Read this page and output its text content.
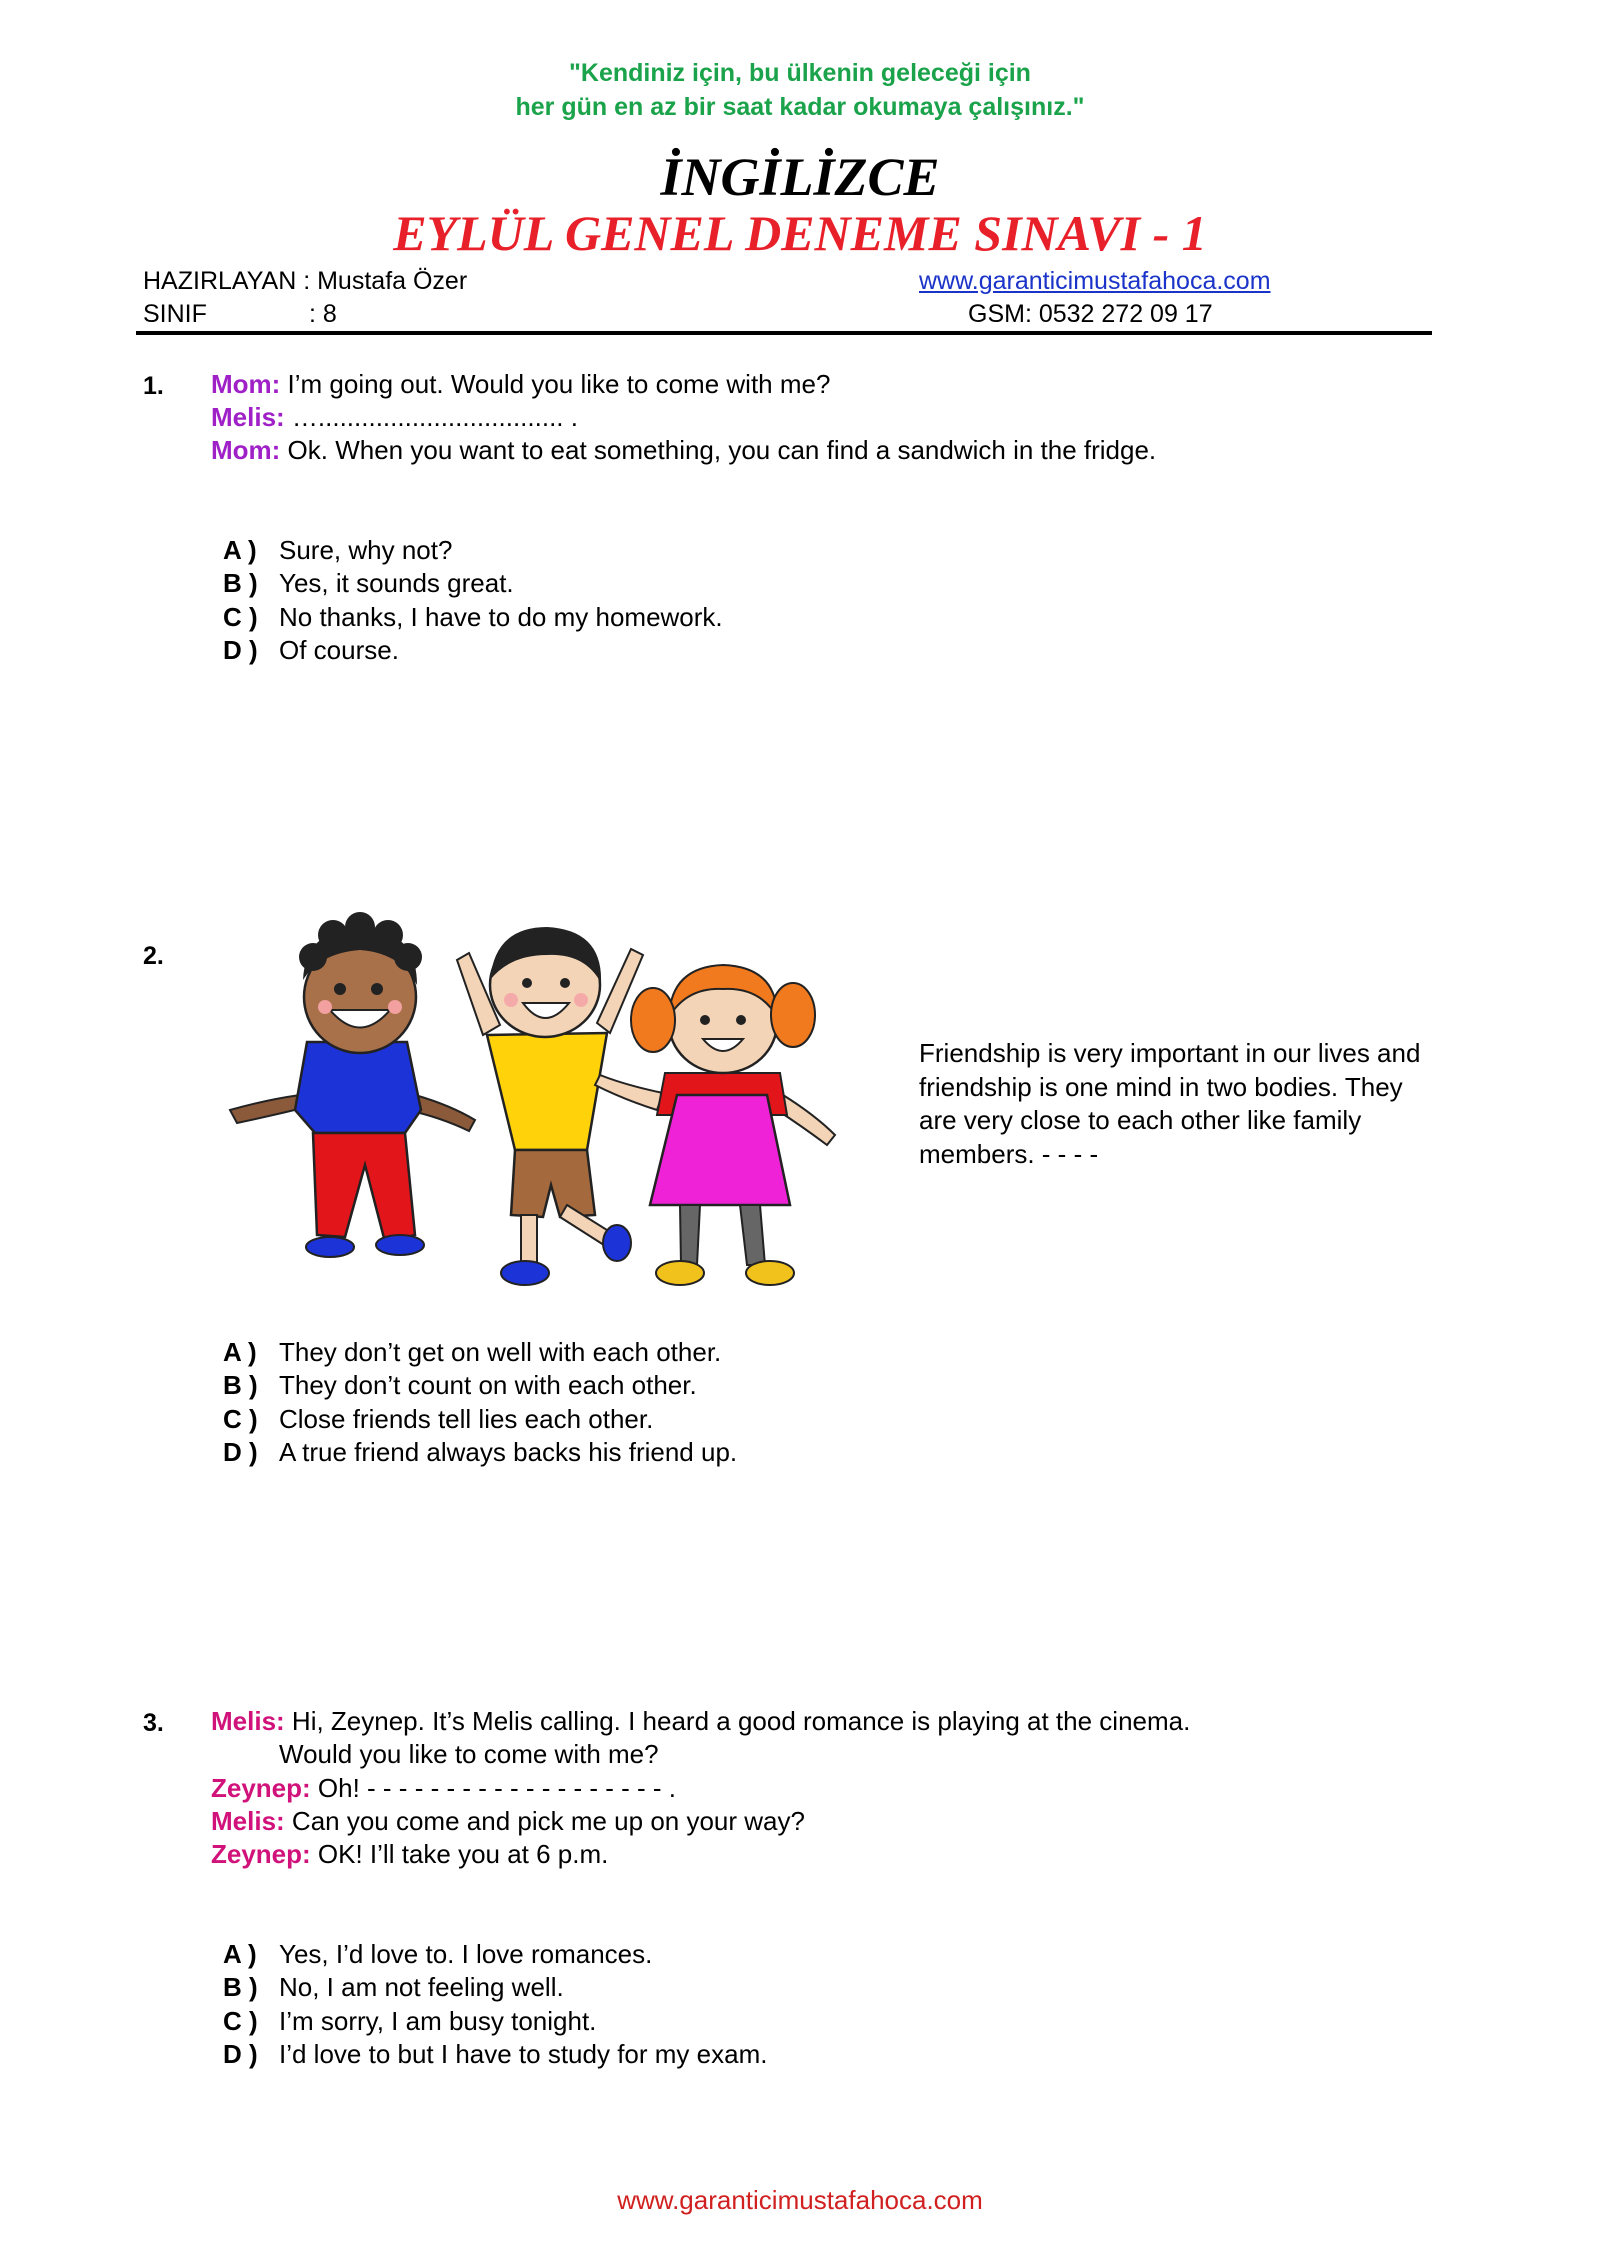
"Kendiniz için, bu ülkenin geleceği için
her gün en az bir saat kadar okumaya çalışınız."
İNGİLİZCE
EYLÜL GENEL DENEME SINAVI - 1
HAZIRLAYAN : Mustafa Özer	www.garanticimustafahoca.com
SINIF	: 8	GSM: 0532 272 09 17
1. Mom: I’m going out. Would you like to come with me?
Melis: ….................................. .
Mom: Ok. When you want to eat something, you can find a sandwich in the fridge.
A ) Sure, why not?
B ) Yes, it sounds great.
C ) No thanks, I have to do my homework.
D ) Of course.
2.
Friendship is very important in our lives and friendship is one mind in two bodies. They are very close to each other like family members. - - - -
A ) They don’t get on well with each other.
B ) They don’t count on with each other.
C ) Close friends tell lies each other.
D ) A true friend always backs his friend up.
3. Melis: Hi, Zeynep. It’s Melis calling. I heard a good romance is playing at the cinema.
Would you like to come with me?
Zeynep: Oh! - - - - - - - - - - - - - - - - - - - .
Melis: Can you come and pick me up on your way?
Zeynep: OK! I’ll take you at 6 p.m.
A ) Yes, I’d love to. I love romances.
B ) No, I am not feeling well.
C ) I’m sorry, I am busy tonight.
D ) I’d love to but I have to study for my exam.
www.garanticimustafahoca.com
